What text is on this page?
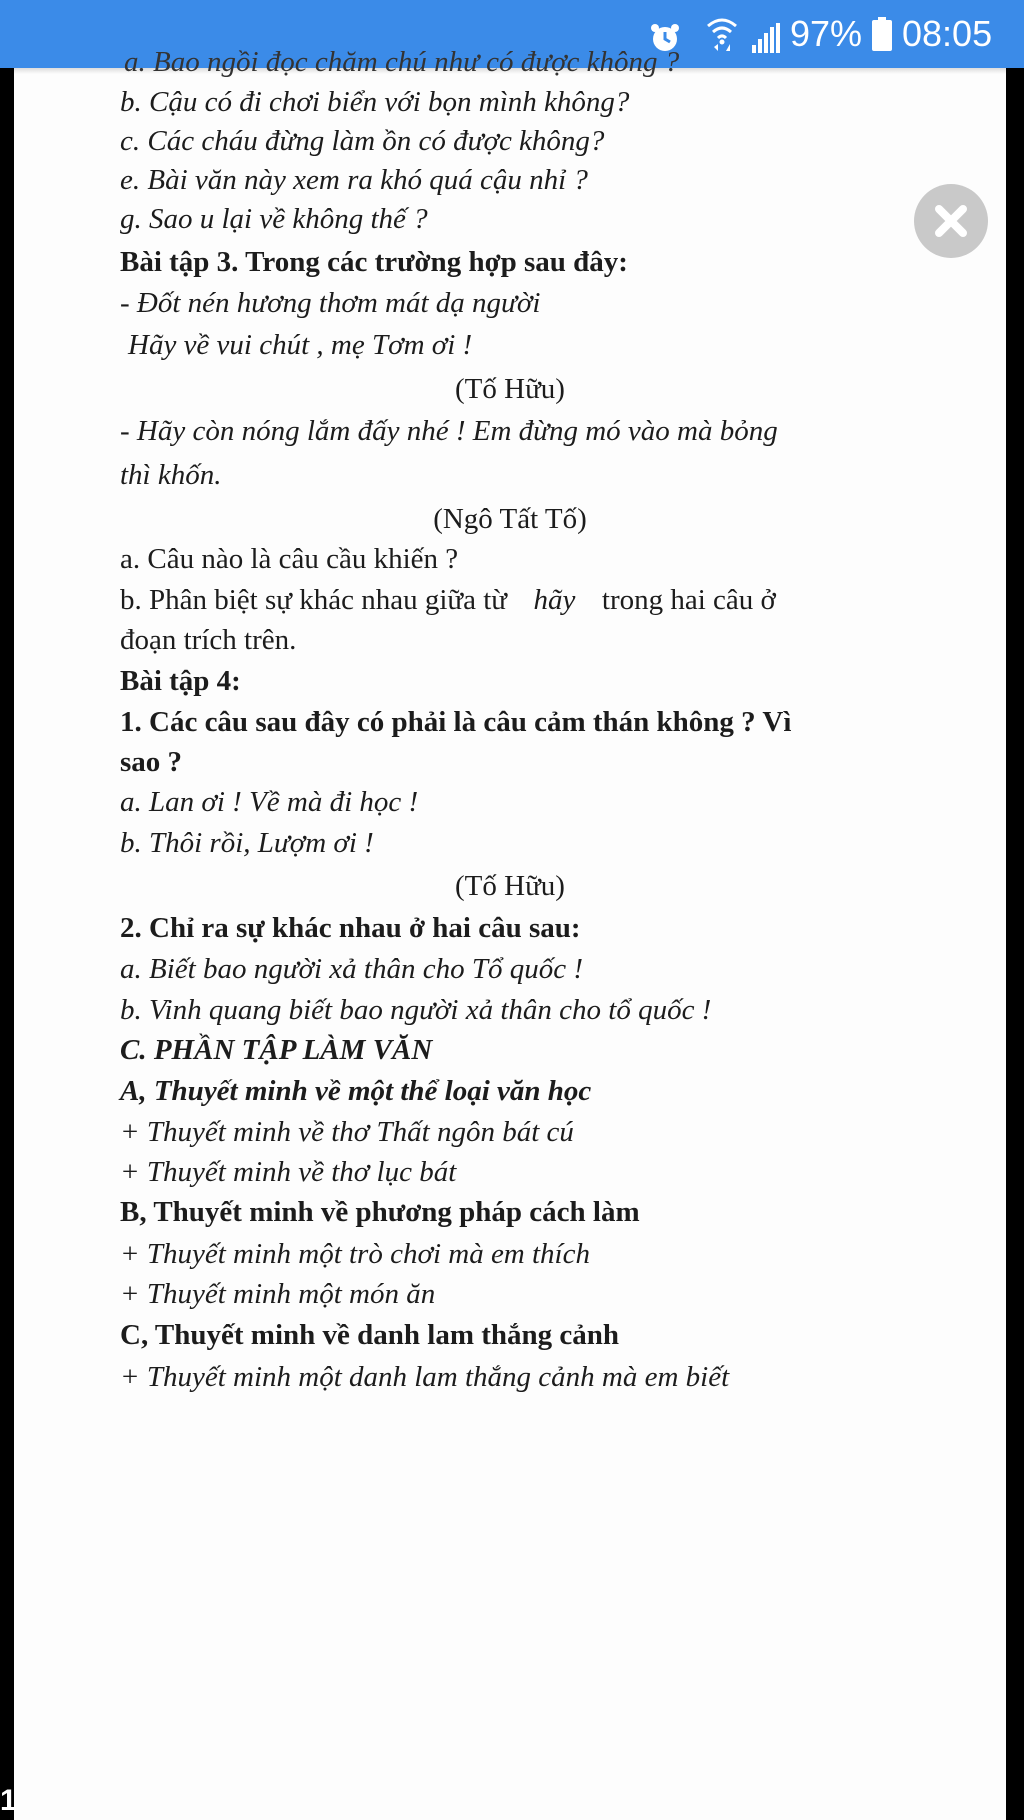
97% 08:05
a. Bao ngồi đọc chăm chú như có được không ?
b. Cậu có đi chơi biển với bọn mình không?
c. Các cháu đừng làm ồn có được không?
e. Bài văn này xem ra khó quá cậu nhỉ ?
g. Sao u lại về không thế ?
Bài tập 3. Trong các trường hợp sau đây:
- Đốt nén hương thơm mát dạ người
Hãy về vui chút , mẹ Tơm ơi !
(Tố Hữu)
- Hãy còn nóng lắm đấy nhé ! Em đừng mó vào mà bỏng
thì khốn.
(Ngô Tất Tố)
a. Câu nào là câu cầu khiến ?
b. Phân biệt sự khác nhau giữa từ hãy trong hai câu ở
đoạn trích trên.
Bài tập 4:
1. Các câu sau đây có phải là câu cảm thán không ? Vì
sao ?
a. Lan ơi ! Về mà đi học !
b. Thôi rồi, Lượm ơi !
(Tố Hữu)
2. Chỉ ra sự khác nhau ở hai câu sau:
a. Biết bao người xả thân cho Tổ quốc !
b. Vinh quang biết bao người xả thân cho tổ quốc !
C. PHẦN TẬP LÀM VĂN
A, Thuyết minh về một thể loại văn học
+ Thuyết minh về thơ Thất ngôn bát cú
+ Thuyết minh về thơ lục bát
B, Thuyết minh về phương pháp cách làm
+ Thuyết minh một trò chơi mà em thích
+ Thuyết minh một món ăn
C, Thuyết minh về danh lam thắng cảnh
+ Thuyết minh một danh lam thắng cảnh mà em biết
1
